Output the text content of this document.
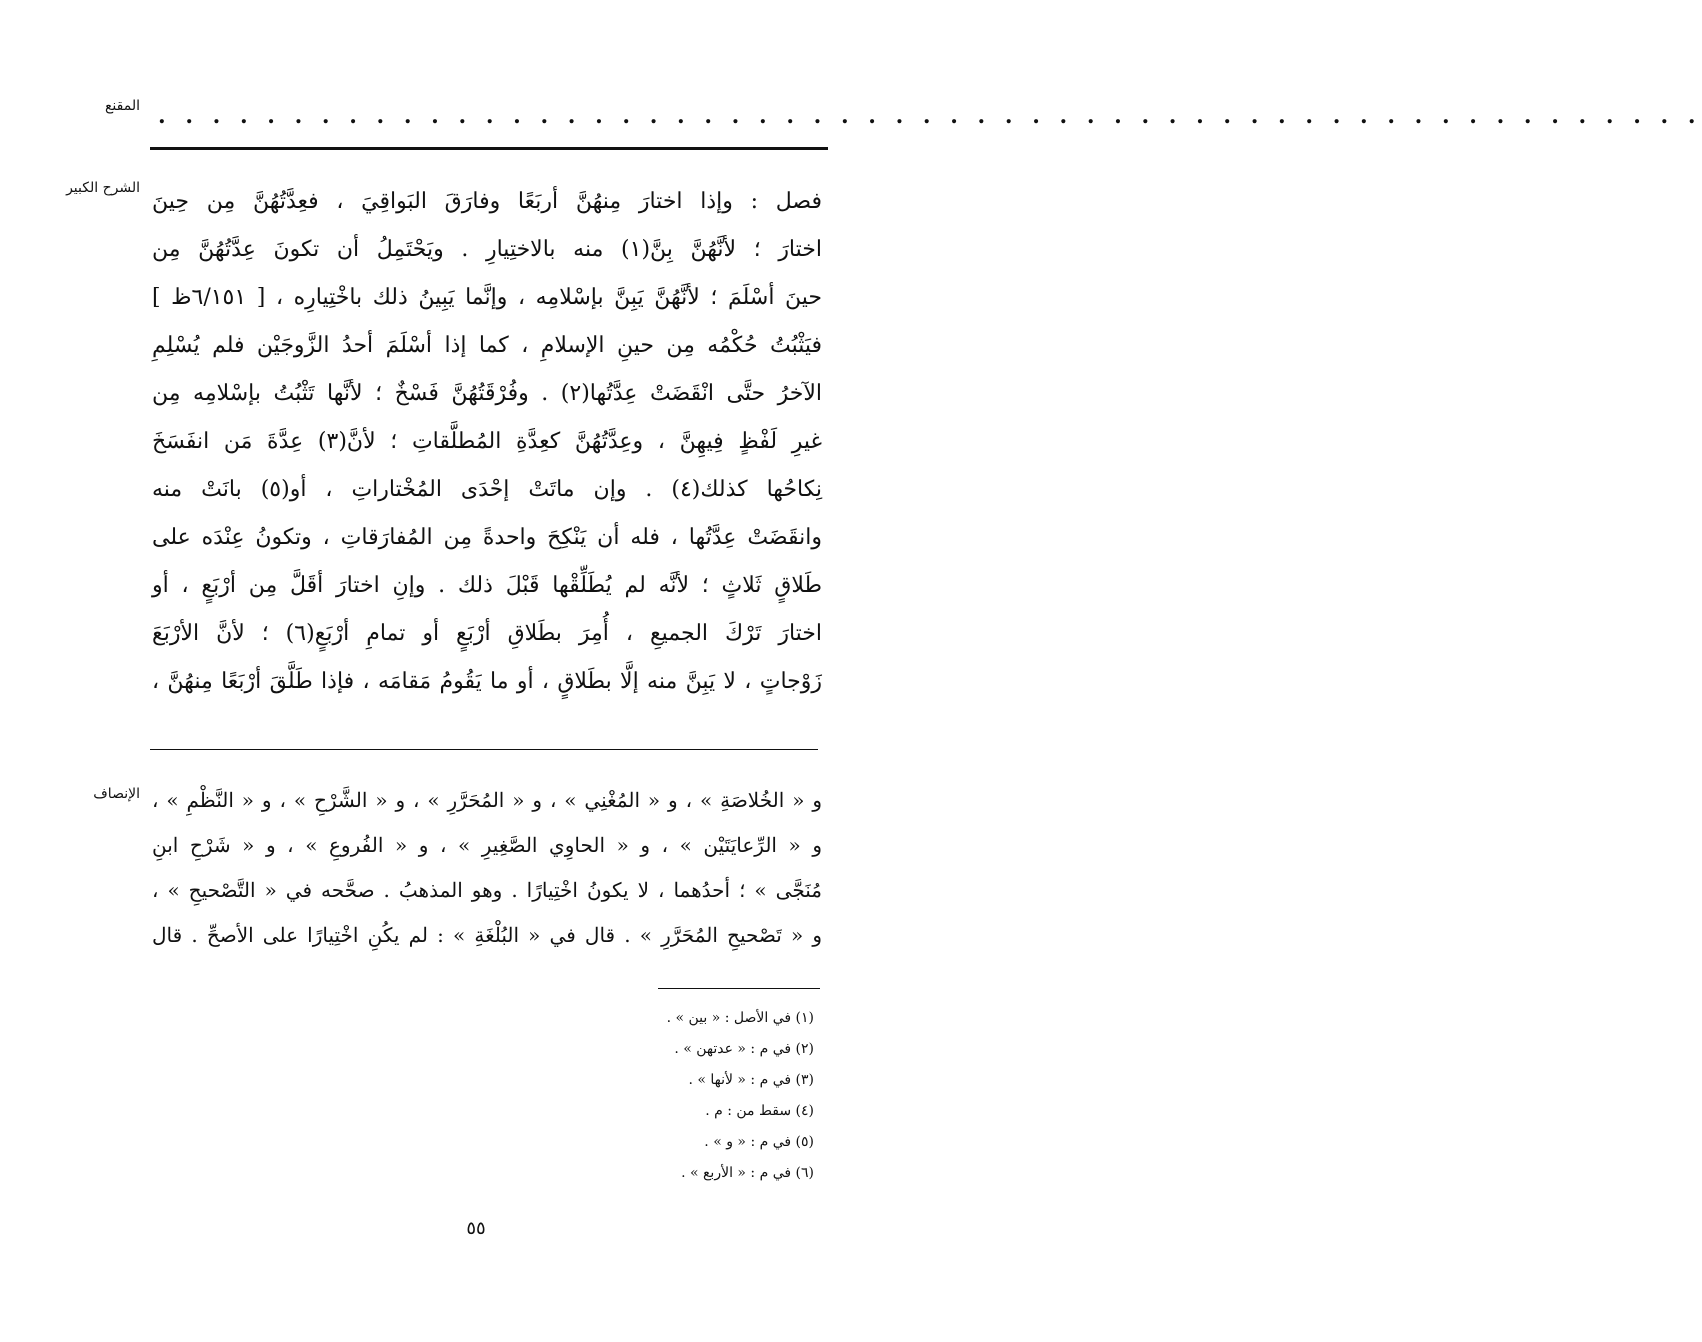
المقنع . . . . . . . . . . . . . . . . . . . . . . . . . . . . . . . . . . . . . . . . . . . . . . . . . . . . . . . . .
الشرح الكبير
فصل : وإذا اختارَ مِنهُنَّ أربَعًا وفارَقَ البَواقِيَ ، فعِدَّتُهُنَّ مِن حِينَ
اختارَ ؛ لأنَّهُنَّ بِنَّ(١) منه بالاختِيارِ . ويَحْتَمِلُ أن تكونَ عِدَّتُهُنَّ مِن
حينَ أسْلَمَ ؛ لأنَّهُنَّ يَبِنَّ بإسْلامِه ، وإنَّما يَبِينُ ذلك باخْتِيارِه ، [ ٦/١٥١ظ ]
فيَثْبُتُ حُكْمُه مِن حينِ الإسلامِ ، كما إذا أسْلَمَ أحدُ الزَّوجَيْن فلم يُسْلِمِ
الآخرُ حتَّى انْقَضَتْ عِدَّتُها(٢) . وفُرْقَتُهُنَّ فَسْخٌ ؛ لأنَّها تَثْبُتُ بإسْلامِه مِن
غيرِ لَفْظٍ فِيهِنَّ ، وعِدَّتُهُنَّ كعِدَّةِ المُطلَّقاتِ ؛ لأنَّ(٣) عِدَّةَ مَن انفَسَخَ
نِكاحُها كذلك(٤) . وإن ماتَتْ إحْدَى المُخْتاراتِ ، أو(٥) بانَتْ منه
وانقَضَتْ عِدَّتُها ، فله أن يَنْكِحَ واحدةً مِن المُفارَقاتِ ، وتكونُ عِنْدَه على
طَلاقٍ ثَلاثٍ ؛ لأنَّه لم يُطَلِّقْها قَبْلَ ذلك . وإنِ اختارَ أقَلَّ مِن أرْبَعٍ ، أو
اختارَ تَرْكَ الجميعِ ، أُمِرَ بطَلاقِ أرْبَعٍ أو تمامِ أرْبَعٍ(٦) ؛ لأنَّ الأرْبَعَ
زَوْجاتٍ ، لا يَبِنَّ منه إلَّا بطَلاقٍ ، أو ما يَقُومُ مَقامَه ، فإذا طَلَّقَ أرْبَعًا مِنهُنَّ ،
الإنصاف و « الخُلاصَةِ » ، و « المُغْنِي » ، و « المُحَرَّرِ » ، و « الشَّرْحِ » ، و « النَّظْمِ » ،
و « الرِّعايَتَيْن » ، و « الحاوِي الصَّغِيرِ » ، و « الفُروعِ » ، و « شَرْحِ ابنِ
مُنَجَّى » ؛ أحدُهما ، لا يكونُ اخْتِيارًا . وهو المذهبُ . صحَّحه في « التَّصْحيحِ » ،
و « تَصْحيحِ المُحَرَّرِ » . قال في « البُلْغَةِ » : لم يكُنِ اخْتِيارًا على الأصحِّ . قال
(١) في الأصل : « بين » .
(٢) في م : « عدتهن » .
(٣) في م : « لأنها » .
(٤) سقط من : م .
(٥) في م : « و » .
(٦) في م : « الأربع » .
٥٥
